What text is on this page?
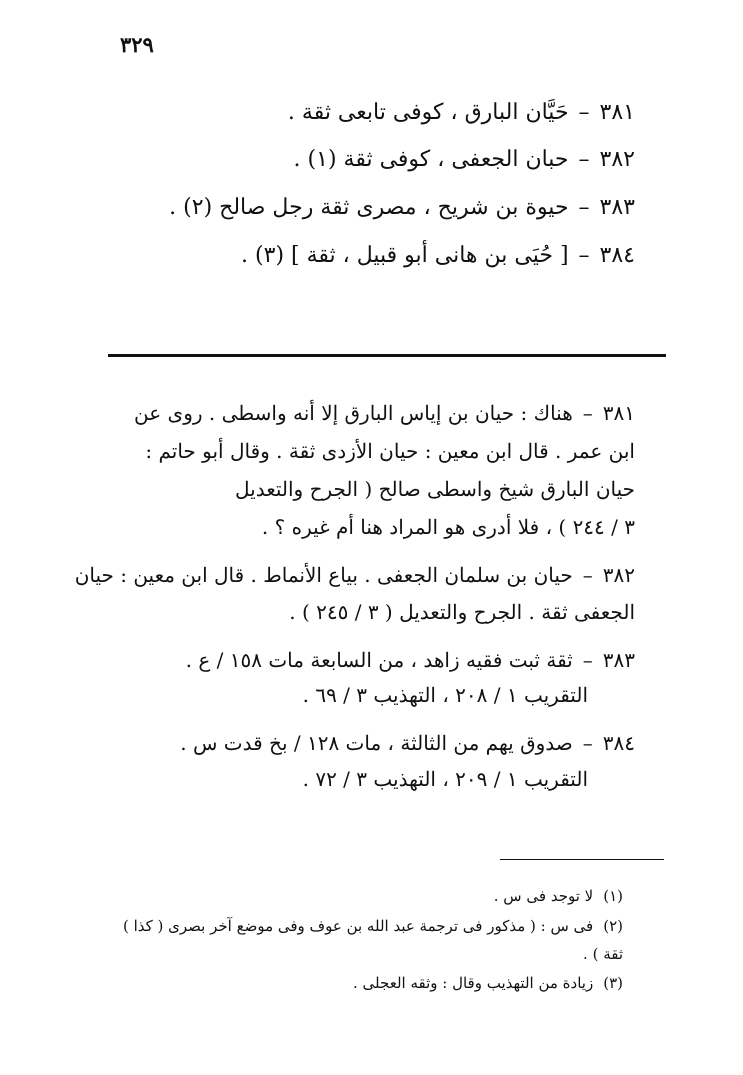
٣٢٩
٣٨١–حَيَّان البارق ، كوفى تابعى ثقة .
٣٨٢–حبان الجعفى ، كوفى ثقة (١) .
٣٨٣–حيوة بن شريح ، مصرى ثقة رجل صالح (٢) .
٣٨٤–[ حُيَى بن هانى أبو قبيل ، ثقة ] (٣) .
٣٨١–هناك : حيان بن إياس البارق إلا أنه واسطى . روى عن
ابن عمر . قال ابن معين : حيان الأزدى ثقة . وقال أبو حاتم :
حيان البارق شيخ واسطى صالح ( الجرح والتعديل
٣ / ٢٤٤ ) ، فلا أدرى هو المراد هنا أم غيره ؟ .
٣٨٢–حيان بن سلمان الجعفى . بياع الأنماط . قال ابن معين : حيان
الجعفى ثقة . الجرح والتعديل ( ٣ / ٢٤٥ ) .
٣٨٣–ثقة ثبت فقيه زاهد ، من السابعة مات ١٥٨ / ع .
التقريب ١ / ٢٠٨ ، التهذيب ٣ / ٦٩ .
٣٨٤–صدوق يهم من الثالثة ، مات ١٢٨ / بخ قدت س .
التقريب ١ / ٢٠٩ ، التهذيب ٣ / ٧٢ .
(١)لا توجد فى س .
(٢)فى س : ( مذكور فى ترجمة عبد الله بن عوف وفى موضع آخر بصرى ( كذا )
ثقة ) .
(٣)زيادة من التهذيب وقال : وثقه العجلى .
